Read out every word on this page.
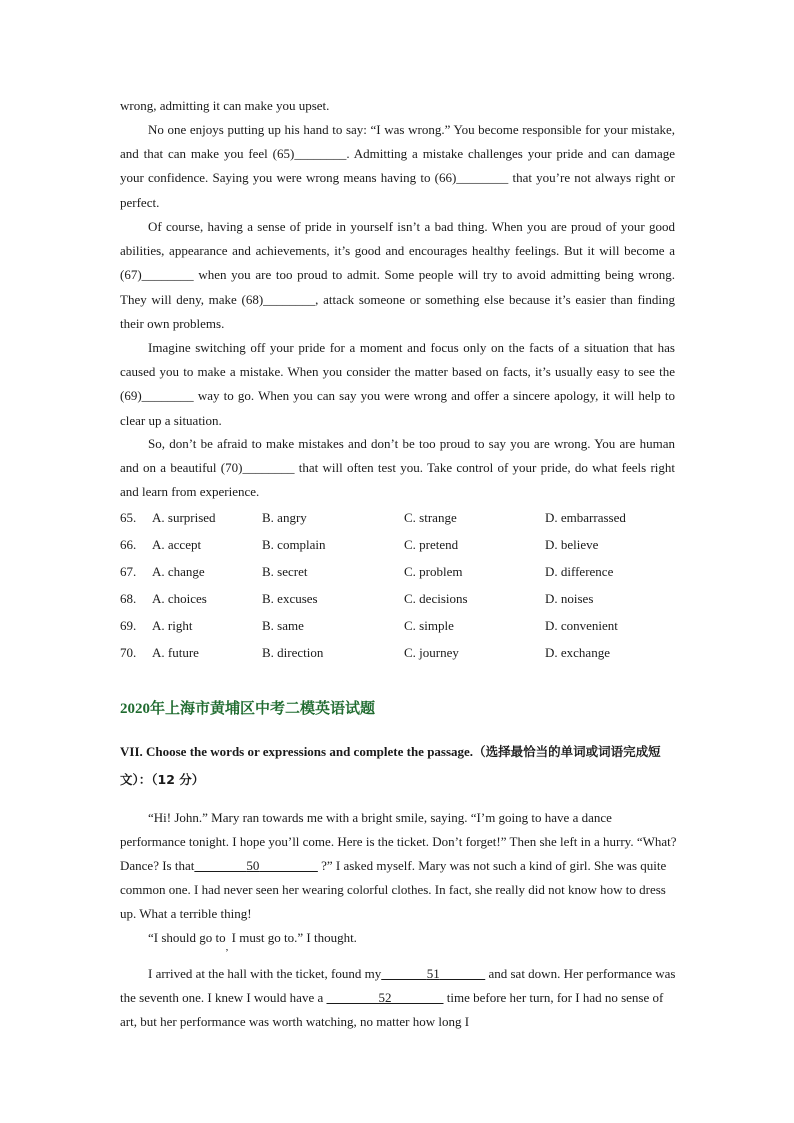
wrong, admitting it can make you upset.

No one enjoys putting up his hand to say: “I was wrong.” You become responsible for your mistake, and that can make you feel (65)________. Admitting a mistake challenges your pride and can damage your confidence. Saying you were wrong means having to (66)________ that you’re not always right or perfect.

Of course, having a sense of pride in yourself isn’t a bad thing. When you are proud of your good abilities, appearance and achievements, it’s good and encourages healthy feelings. But it will become a (67)________ when you are too proud to admit. Some people will try to avoid admitting being wrong. They will deny, make (68)________, attack someone or something else because it’s easier than finding their own problems.

Imagine switching off your pride for a moment and focus only on the facts of a situation that has caused you to make a mistake. When you consider the matter based on facts, it’s usually easy to see the (69)________ way to go. When you can say you were wrong and offer a sincere apology, it will help to clear up a situation.

So, don’t be afraid to make mistakes and don’t be too proud to say you are wrong. You are human and on a beautiful (70)________ that will often test you. Take control of your pride, do what feels right and learn from experience.

65. A. surprised	B. angry	C. strange	D. embarrassed
66. A. accept	B. complain	C. pretend	D. believe
67. A. change	B. secret	C. problem	D. difference
68. A. choices	B. excuses	C. decisions	D. noises
69. A. right	B. same	C. simple	D. convenient
70. A. future	B. direction	C. journey	D. exchange
2020年上海市黄埔区中考二模英语试题
VII. Choose the words or expressions and complete the passage.（选择最恰当的单词或词语完成短文）：（12 分）

“Hi! John.” Mary ran towards me with a bright smile, saying. “I’m going to have a dance performance tonight. I hope you’ll come. Here is the ticket. Don’t forget!” Then she left in a hurry. “What? Dance? Is that        	50         	?” I asked myself. Mary was not such a kind of girl. She was quite common one. I had never seen her wearing colorful clothes. In fact, she really did not know how to dress up. What a terrible thing!

“I should go $to_,$ I must go to.” I thought.

I arrived at the hall with the ticket, found my       	51       	and sat down. Her performance was the seventh one. I knew I would have a         	52        	time before her turn, for I had no sense of art, but her performance was worth watching, no matter how long I
